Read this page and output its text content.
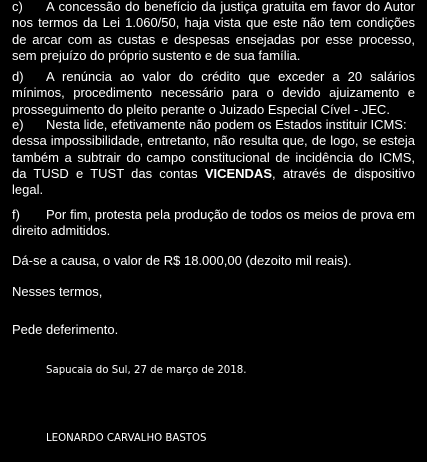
c) A concessão do benefício da justiça gratuita em favor do Autor
nos termos da Lei 1.060/50, haja vista que este não tem condições
de arcar com as custas e despesas ensejadas por esse processo,
sem prejuízo do próprio sustento e de sua família.

d) A renúncia ao valor do crédito que exceder a 20 salários
mínimos, procedimento necessário para o devido ajuizamento e
prosseguimento do pleito perante o Juizado Especial Cível - JEC.

e) Nesta lide, efetivamente não podem os Estados instituir ICMS:
dessa impossibilidade, entretanto, não resulta que, de logo, se esteja
também a subtrair do campo constitucional de incidência do ICMS,
da TUSD e TUST das contas VICENDAS, através de dispositivo legal.

f) Por fim, protesta pela produção de todos os meios de prova em
direito admitidos.

Dá-se a causa, o valor de R$ 18.000,00 (dezoito mil reais).

Nesses termos,

Pede deferimento.

Sapucaia do Sul, 27 de março de 2018.

LEONARDO CARVALHO BASTOS
